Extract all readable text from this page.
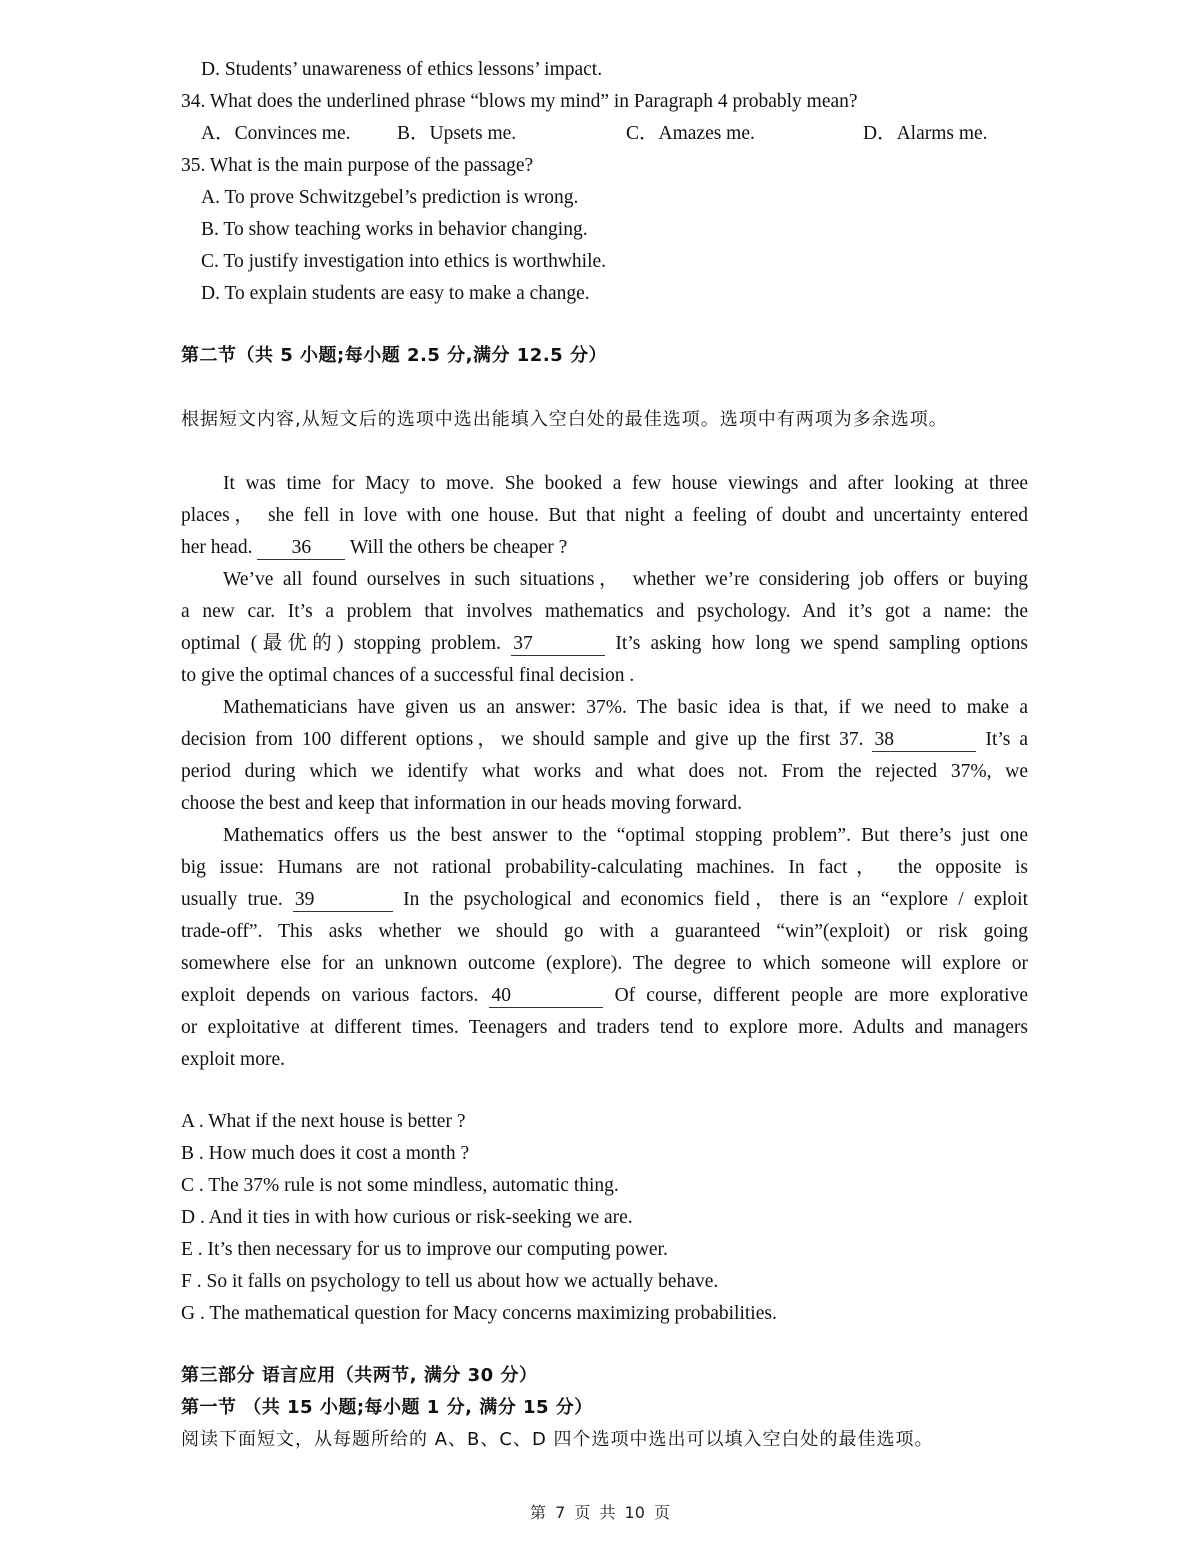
D. Students’ unawareness of ethics lessons’ impact.
34. What does the underlined phrase “blows my mind” in Paragraph 4 probably mean?
A．Convinces me. B．Upsets me.	C．Amazes me.	D．Alarms me.
35. What is the main purpose of the passage?
A. To prove Schwitzgebel’s prediction is wrong.
B. To show teaching works in behavior changing.
C. To justify investigation into ethics is worthwhile.
D. To explain students are easy to make a change.
第二节（共 5 小题;每小题 2.5 分,满分 12.5 分）
根据短文内容,从短文后的选项中选出能填入空白处的最佳选项。选项中有两项为多余选项。
It was time for Macy to move. She booked a few house viewings and after looking at three
places， she fell in love with one house. But that night a feeling of doubt and uncertainty entered
her head. 36 Will the others be cheaper ?
We’ve all found ourselves in such situations， whether we’re considering job offers or buying
a new car. It’s a problem that involves mathematics and psychology. And it’s got a name: the
optimal (最优的) stopping problem. 37	It’s asking how long we spend sampling options
to give the optimal chances of a successful final decision .
Mathematicians have given us an answer: 37%. The basic idea is that, if we need to make a
decision from 100 different options，we should sample and give up the first 37. 38	It’s a
period during which we identify what works and what does not. From the rejected 37%, we
choose the best and keep that information in our heads moving forward.
Mathematics offers us the best answer to the “optimal stopping problem”. But there’s just one
big issue: Humans are not rational probability-calculating machines. In fact， the opposite is
usually true. 39	In the psychological and economics field，there is an “explore / exploit
trade-off”. This asks whether we should go with a guaranteed “win”(exploit) or risk going
somewhere else for an unknown outcome (explore). The degree to which someone will explore or
exploit depends on various factors. 40	Of course, different people are more explorative
or exploitative at different times. Teenagers and traders tend to explore more. Adults and managers
exploit more.
A . What if the next house is better ?
B . How much does it cost a month ?
C . The 37% rule is not some mindless, automatic thing.
D . And it ties in with how curious or risk-seeking we are.
E . It’s then necessary for us to improve our computing power.
F . So it falls on psychology to tell us about how we actually behave.
G . The mathematical question for Macy concerns maximizing probabilities.
第三部分 语言应用（共两节, 满分 30 分）
第一节 （共 15 小题;每小题 1 分, 满分 15 分）
阅读下面短文，从每题所给的 A、B、C、D 四个选项中选出可以填入空白处的最佳选项。
第 7 页 共 10 页
